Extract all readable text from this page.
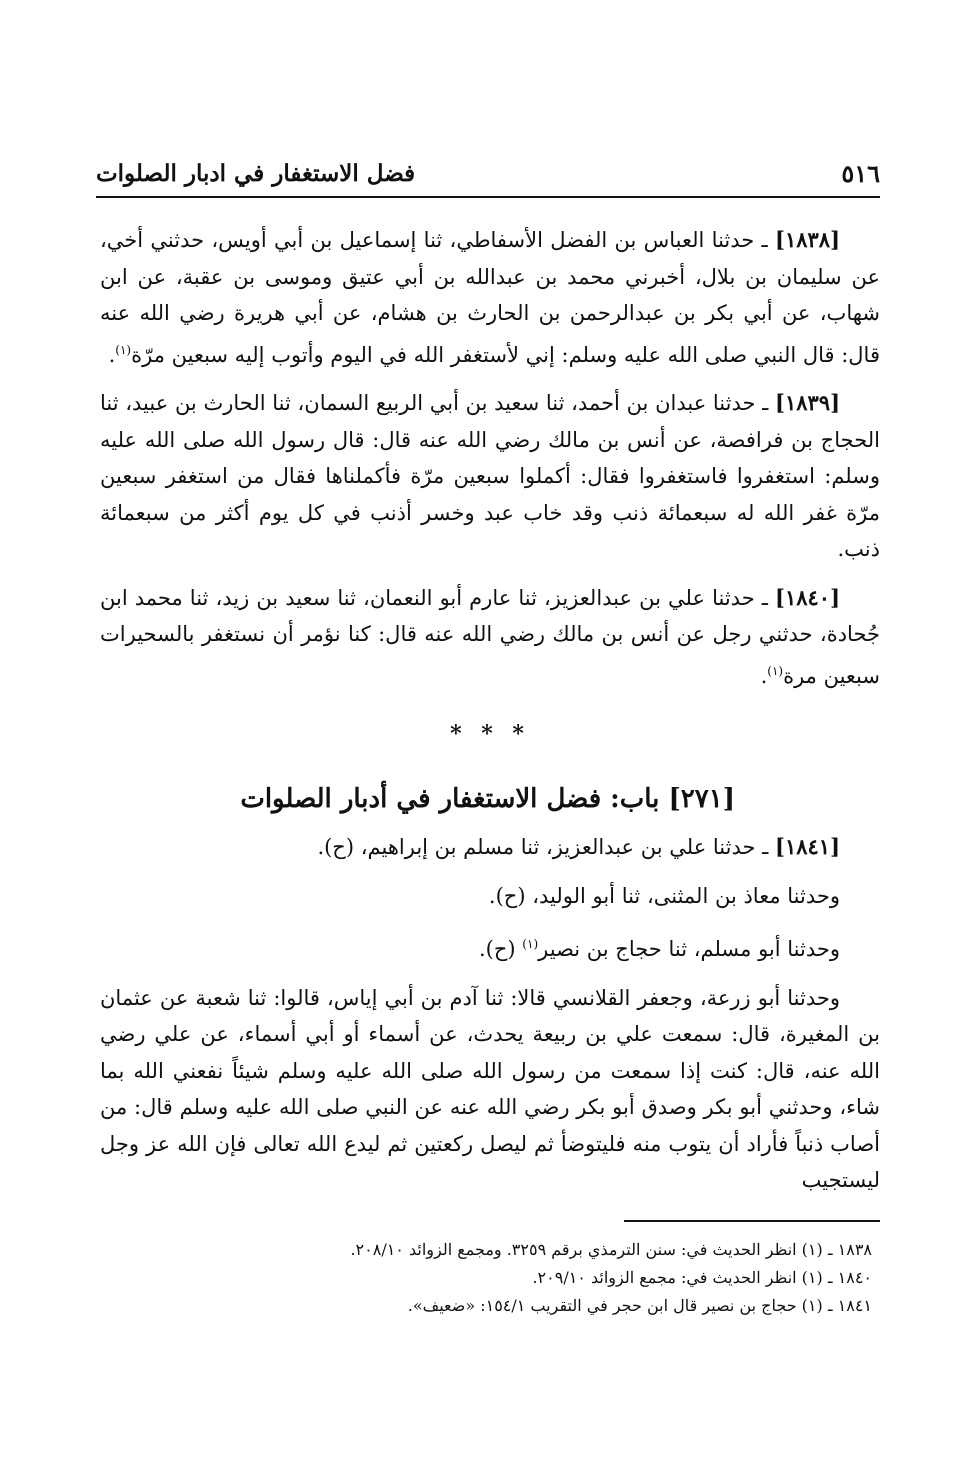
فضل الاستغفار في ادبار الصلوات	٥١٦

[١٨٣٨] ـ حدثنا العباس بن الفضل الأسفاطي، ثنا إسماعيل بن أبي أويس، حدثني أخي، عن سليمان بن بلال، أخبرني محمد بن عبدالله بن أبي عتيق وموسى بن عقبة، عن ابن شهاب، عن أبي بكر بن عبدالرحمن بن الحارث بن هشام، عن أبي هريرة رضي الله عنه قال: قال النبي صلى الله عليه وسلم: إني لأستغفر الله في اليوم وأتوب إليه سبعين مرّة$^{(١)}$.

[١٨٣٩] ـ حدثنا عبدان بن أحمد، ثنا سعيد بن أبي الربيع السمان، ثنا الحارث بن عبيد، ثنا الحجاج بن فرافصة، عن أنس بن مالك رضي الله عنه قال: قال رسول الله صلى الله عليه وسلم: استغفروا فاستغفروا فقال: أكملوا سبعين مرّة فأكملناها فقال من استغفر سبعين مرّة غفر الله له سبعمائة ذنب وقد خاب عبد وخسر أذنب في كل يوم أكثر من سبعمائة ذنب.

[١٨٤٠] ـ حدثنا علي بن عبدالعزيز، ثنا عارم أبو النعمان، ثنا سعيد بن زيد، ثنا محمد ابن جُحادة، حدثني رجل عن أنس بن مالك رضي الله عنه قال: كنا نؤمر أن نستغفر بالسحيرات سبعين مرة$^{(١)}$.

* * *

[٢٧١] باب: فضل الاستغفار في أدبار الصلوات

[١٨٤١] ـ حدثنا علي بن عبدالعزيز، ثنا مسلم بن إبراهيم، (ح).

وحدثنا معاذ بن المثنى، ثنا أبو الوليد، (ح).

وحدثنا أبو مسلم، ثنا حجاج بن نصير$^{(١)}$ (ح).

وحدثنا أبو زرعة، وجعفر القلانسي قالا: ثنا آدم بن أبي إياس، قالوا: ثنا شعبة عن عثمان بن المغيرة، قال: سمعت علي بن ربيعة يحدث، عن أسماء أو أبي أسماء، عن علي رضي الله عنه، قال: كنت إذا سمعت من رسول الله صلى الله عليه وسلم شيئاً نفعني الله بما شاء، وحدثني أبو بكر وصدق أبو بكر رضي الله عنه عن النبي صلى الله عليه وسلم قال: من أصاب ذنباً فأراد أن يتوب منه فليتوضأ ثم ليصل ركعتين ثم ليدع الله تعالى فإن الله عز وجل ليستجيب

١٨٣٨ ـ (١) انظر الحديث في: سنن الترمذي برقم ٣٢٥٩. ومجمع الزوائد ٢٠٨/١٠.
١٨٤٠ ـ (١) انظر الحديث في: مجمع الزوائد ٢٠٩/١٠.
١٨٤١ ـ (١) حجاج بن نصير قال ابن حجر في التقريب ١٥٤/١: «ضعيف».
